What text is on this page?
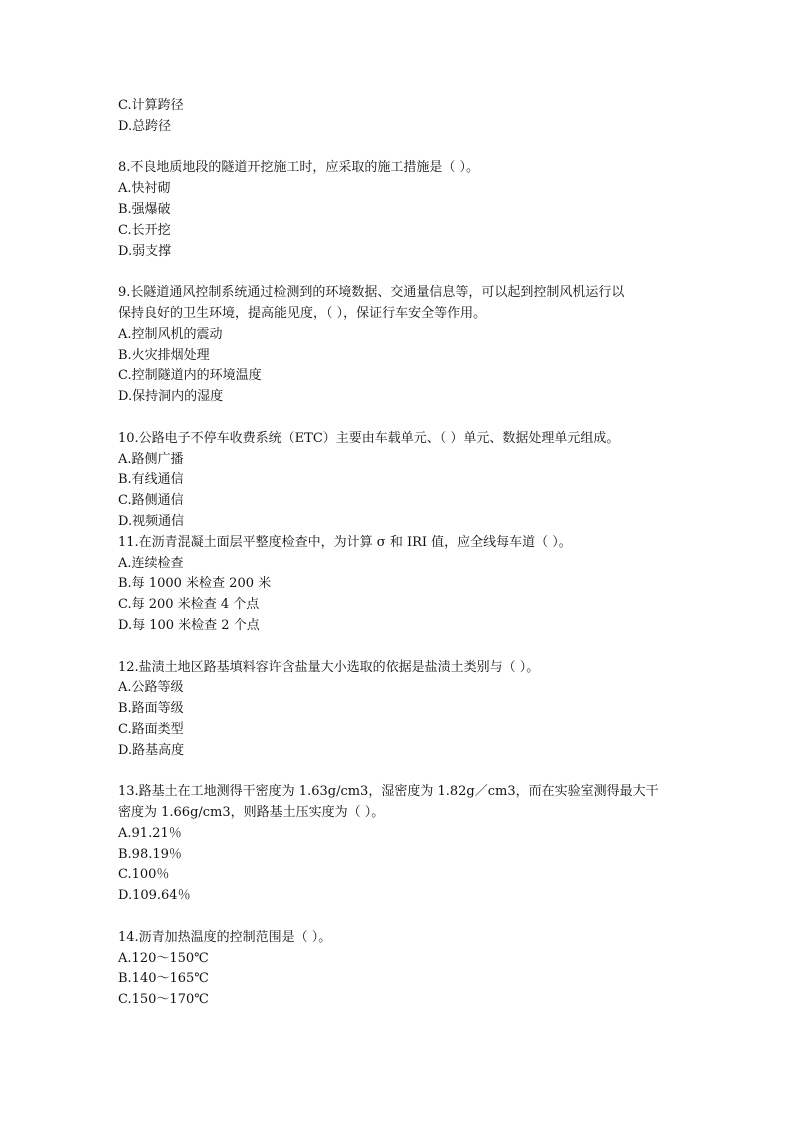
C.计算跨径
D.总跨径
8.不良地质地段的隧道开挖施工时，应采取的施工措施是（ ）。
A.快衬砌
B.强爆破
C.长开挖
D.弱支撑
9.长隧道通风控制系统通过检测到的环境数据、交通量信息等，可以起到控制风机运行以
保持良好的卫生环境，提高能见度，（ ），保证行车安全等作用。
A.控制风机的震动
B.火灾排烟处理
C.控制隧道内的环境温度
D.保持洞内的湿度
10.公路电子不停车收费系统（ETC）主要由车载单元、（ ）单元、数据处理单元组成。
A.路侧广播
B.有线通信
C.路侧通信
D.视频通信
11.在沥青混凝土面层平整度检查中，为计算 σ 和 IRI 值，应全线每车道（ ）。
A.连续检查
B.每 1000 米检查 200 米
C.每 200 米检查 4 个点
D.每 100 米检查 2 个点
12.盐渍土地区路基填料容许含盐量大小选取的依据是盐渍土类别与（ ）。
A.公路等级
B.路面等级
C.路面类型
D.路基高度
13.路基土在工地测得干密度为 1.63g/cm3，湿密度为 1.82g／cm3，而在实验室测得最大干
密度为 1.66g/cm3，则路基土压实度为（ ）。
A.91.21％
B.98.19％
C.100％
D.109.64％
14.沥青加热温度的控制范围是（ ）。
A.120～150℃
B.140～165℃
C.150～170℃
